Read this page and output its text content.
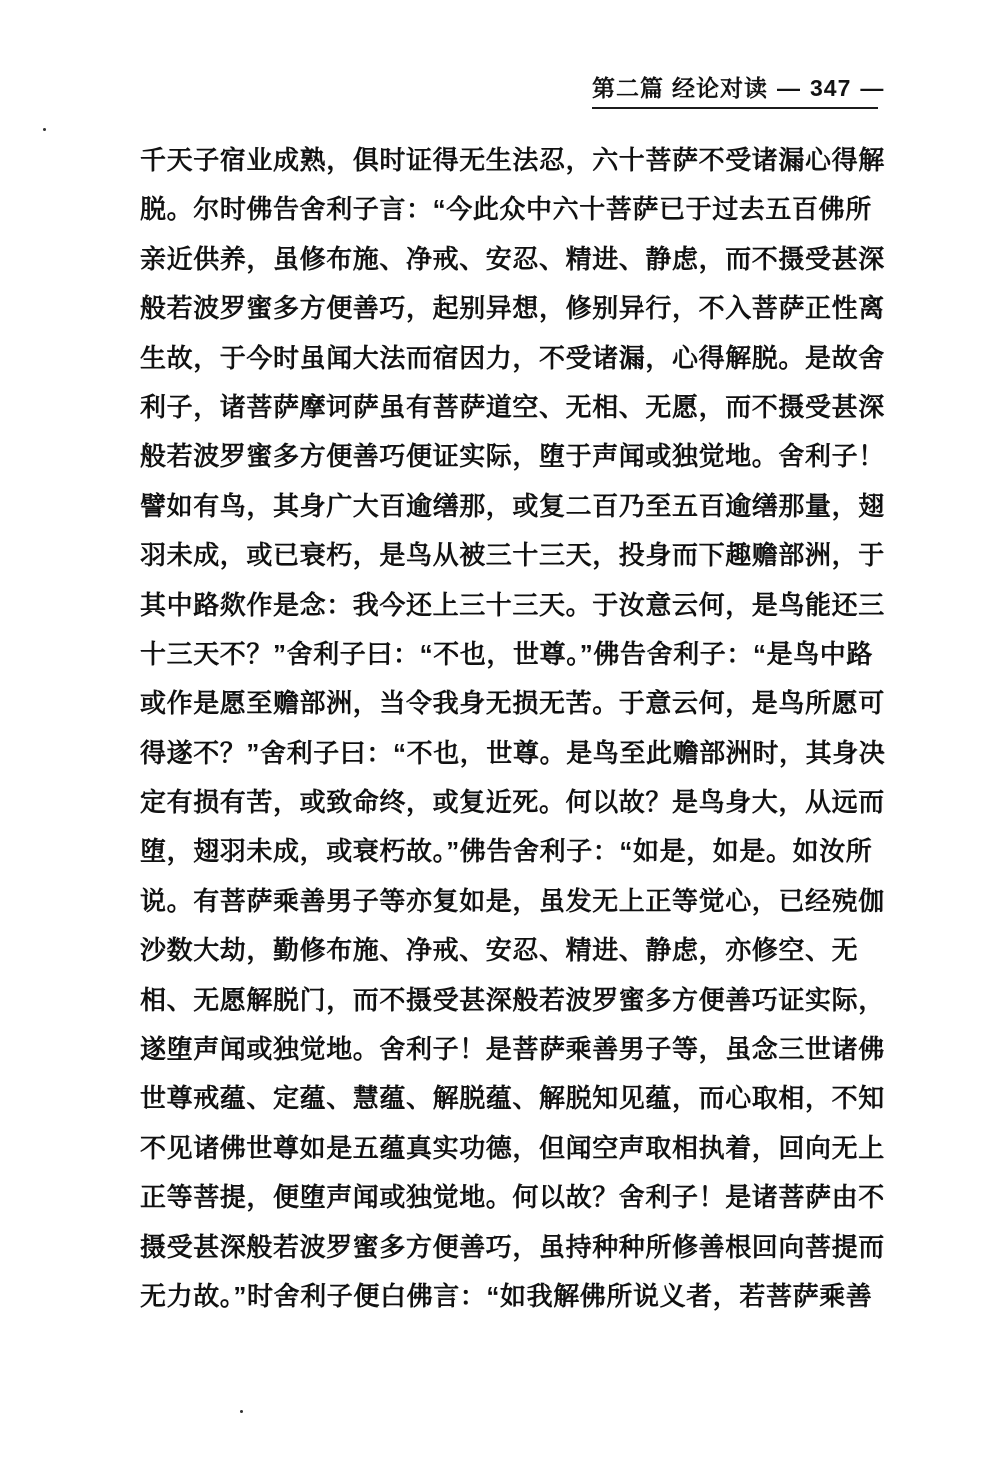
第二篇 经论对读 — 347 —
千天子宿业成熟，俱时证得无生法忍，六十菩萨不受诸漏心得解
脱。尔时佛告舍利子言：“今此众中六十菩萨已于过去五百佛所
亲近供养，虽修布施、净戒、安忍、精进、静虑，而不摄受甚深
般若波罗蜜多方便善巧，起别异想，修别异行，不入菩萨正性离
生故，于今时虽闻大法而宿因力，不受诸漏，心得解脱。是故舍
利子，诸菩萨摩诃萨虽有菩萨道空、无相、无愿，而不摄受甚深
般若波罗蜜多方便善巧便证实际，堕于声闻或独觉地。舍利子！
譬如有鸟，其身广大百逾缮那，或复二百乃至五百逾缮那量，翅
羽未成，或已衰朽，是鸟从被三十三天，投身而下趣赡部洲，于
其中路欻作是念：我今还上三十三天。于汝意云何，是鸟能还三
十三天不？”舍利子曰：“不也，世尊。”佛告舍利子：“是鸟中路
或作是愿至赡部洲，当令我身无损无苦。于意云何，是鸟所愿可
得遂不？”舍利子曰：“不也，世尊。是鸟至此赡部洲时，其身决
定有损有苦，或致命终，或复近死。何以故？是鸟身大，从远而
堕，翅羽未成，或衰朽故。”佛告舍利子：“如是，如是。如汝所
说。有菩萨乘善男子等亦复如是，虽发无上正等觉心，已经殑伽
沙数大劫，勤修布施、净戒、安忍、精进、静虑，亦修空、无
相、无愿解脱门，而不摄受甚深般若波罗蜜多方便善巧证实际，
遂堕声闻或独觉地。舍利子！是菩萨乘善男子等，虽念三世诸佛
世尊戒蕴、定蕴、慧蕴、解脱蕴、解脱知见蕴，而心取相，不知
不见诸佛世尊如是五蕴真实功德，但闻空声取相执着，回向无上
正等菩提，便堕声闻或独觉地。何以故？舍利子！是诸菩萨由不
摄受甚深般若波罗蜜多方便善巧，虽持种种所修善根回向菩提而
无力故。”时舍利子便白佛言：“如我解佛所说义者，若菩萨乘善
